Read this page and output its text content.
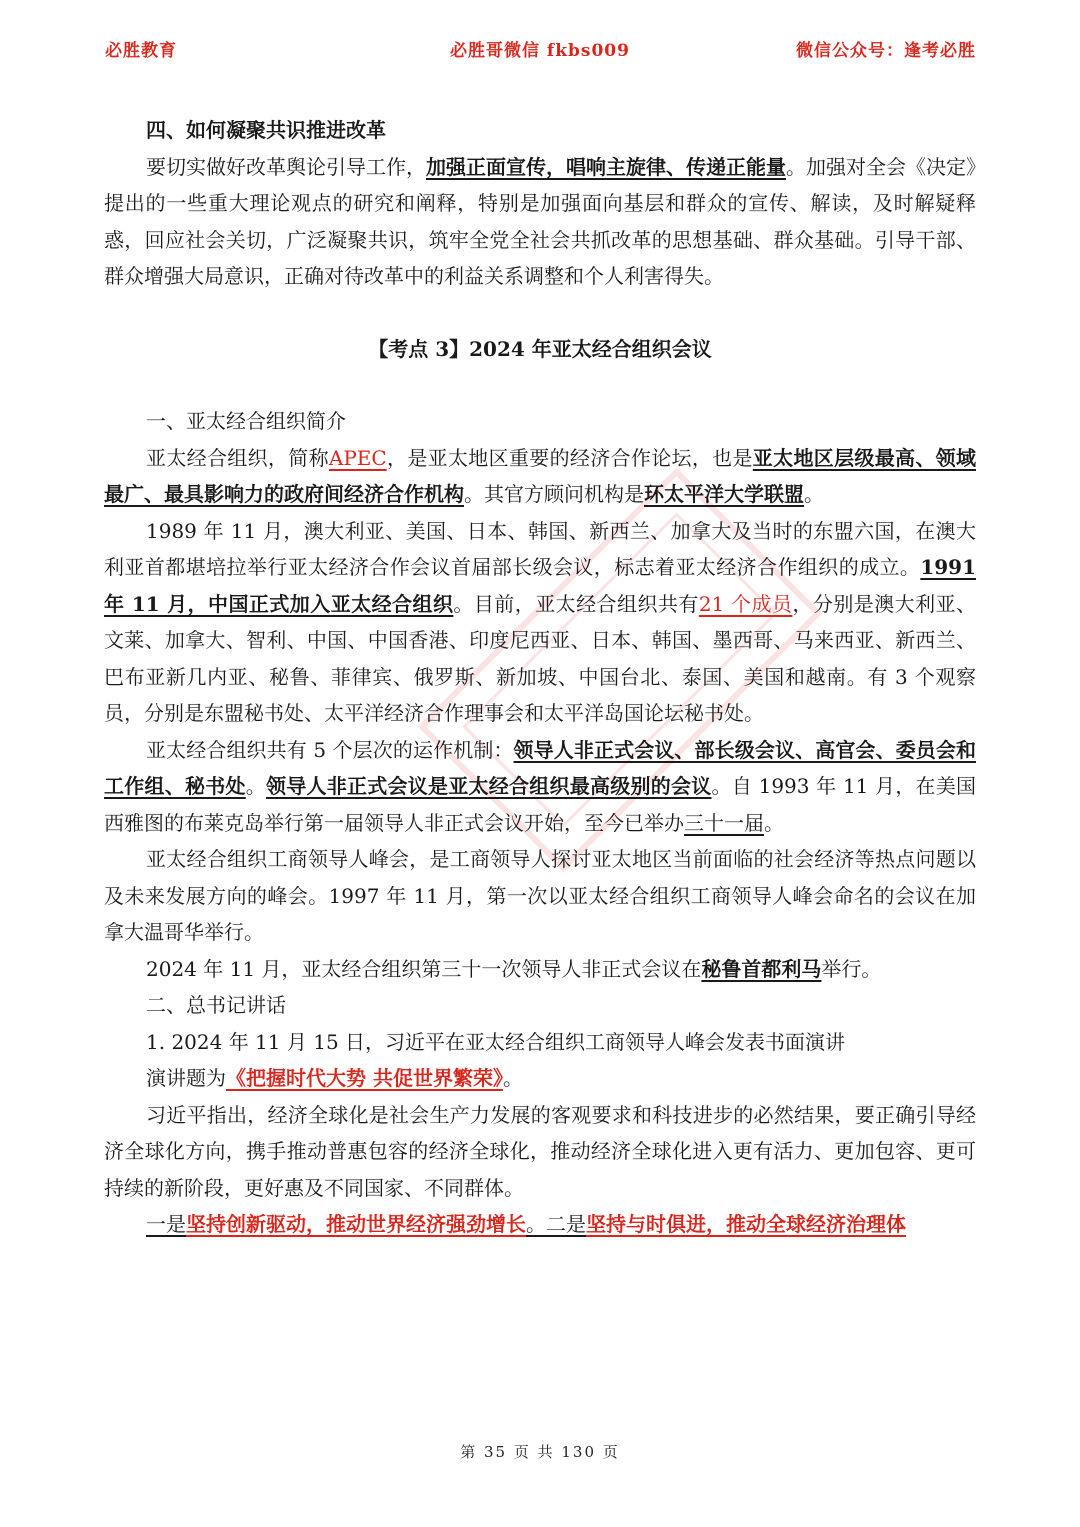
必胜教育	必胜哥微信 fkbs009	微信公众号：逢考必胜

四、如何凝聚共识推进改革

要切实做好改革舆论引导工作，加强正面宣传，唱响主旋律、传递正能量。加强对全会《决定》提出的一些重大理论观点的研究和阐释，特别是加强面向基层和群众的宣传、解读，及时解疑释惑，回应社会关切，广泛凝聚共识，筑牢全党全社会共抓改革的思想基础、群众基础。引导干部、群众增强大局意识，正确对待改革中的利益关系调整和个人利害得失。

【考点 3】2024 年亚太经合组织会议

一、亚太经合组织简介

亚太经合组织，简称APEC，是亚太地区重要的经济合作论坛，也是亚太地区层级最高、领域最广、最具影响力的政府间经济合作机构。其官方顾问机构是环太平洋大学联盟。

1989 年 11 月，澳大利亚、美国、日本、韩国、新西兰、加拿大及当时的东盟六国，在澳大利亚首都堪培拉举行亚太经济合作会议首届部长级会议，标志着亚太经济合作组织的成立。1991 年 11 月，中国正式加入亚太经合组织。目前，亚太经合组织共有21 个成员，分别是澳大利亚、文莱、加拿大、智利、中国、中国香港、印度尼西亚、日本、韩国、墨西哥、马来西亚、新西兰、巴布亚新几内亚、秘鲁、菲律宾、俄罗斯、新加坡、中国台北、泰国、美国和越南。有 3 个观察员，分别是东盟秘书处、太平洋经济合作理事会和太平洋岛国论坛秘书处。

亚太经合组织共有 5 个层次的运作机制：领导人非正式会议、部长级会议、高官会、委员会和工作组、秘书处。领导人非正式会议是亚太经合组织最高级别的会议。自 1993 年 11 月，在美国西雅图的布莱克岛举行第一届领导人非正式会议开始，至今已举办三十一届。

亚太经合组织工商领导人峰会，是工商领导人探讨亚太地区当前面临的社会经济等热点问题以及未来发展方向的峰会。1997 年 11 月，第一次以亚太经合组织工商领导人峰会命名的会议在加拿大温哥华举行。

2024 年 11 月，亚太经合组织第三十一次领导人非正式会议在秘鲁首都利马举行。

二、总书记讲话

1. 2024 年 11 月 15 日，习近平在亚太经合组织工商领导人峰会发表书面演讲

演讲题为《把握时代大势 共促世界繁荣》。

习近平指出，经济全球化是社会生产力发展的客观要求和科技进步的必然结果，要正确引导经济全球化方向，携手推动普惠包容的经济全球化，推动经济全球化进入更有活力、更加包容、更可持续的新阶段，更好惠及不同国家、不同群体。

一是坚持创新驱动，推动世界经济强劲增长。二是坚持与时俱进，推动全球经济治理体

第 35 页 共 130 页
